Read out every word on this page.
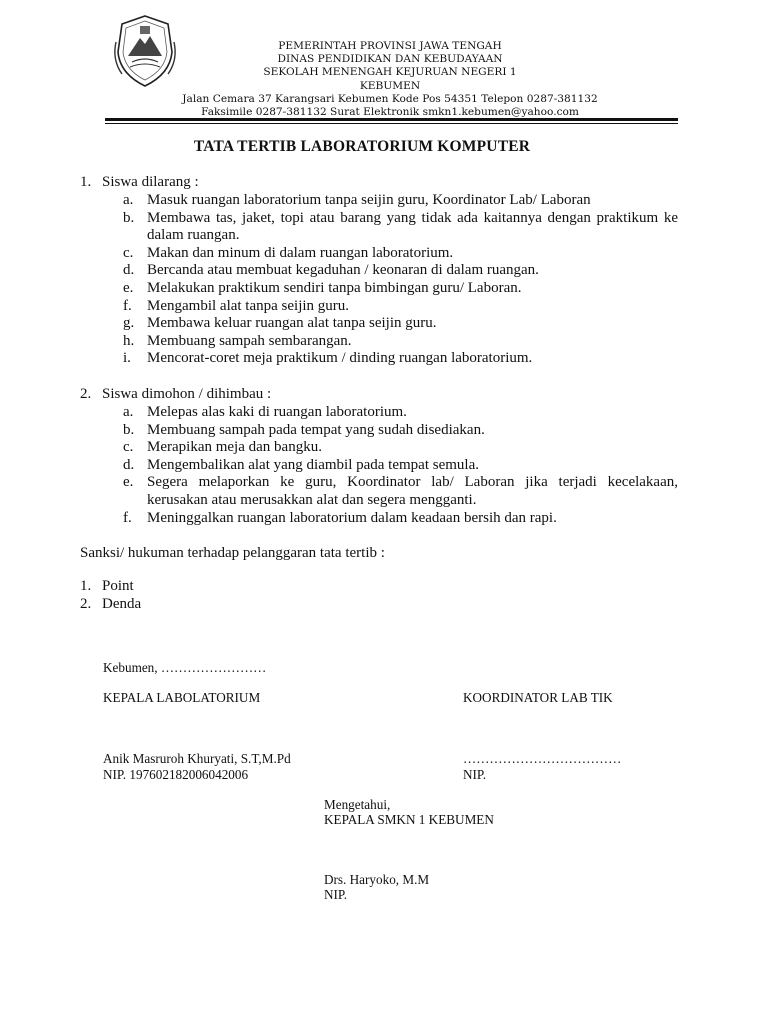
PEMERINTAH PROVINSI JAWA TENGAH
DINAS PENDIDIKAN DAN KEBUDAYAAN
SEKOLAH MENENGAH KEJURUAN NEGERI 1
KEBUMEN
Jalan Cemara 37 Karangsari Kebumen Kode Pos 54351 Telepon 0287-381132
Faksimile 0287-381132 Surat Elektronik smkn1.kebumen@yahoo.com
TATA TERTIB LABORATORIUM KOMPUTER
1. Siswa dilarang :
a. Masuk ruangan laboratorium tanpa seijin guru, Koordinator Lab/ Laboran
b. Membawa tas, jaket, topi atau barang yang tidak ada kaitannya dengan praktikum ke dalam ruangan.
c. Makan dan minum di dalam ruangan laboratorium.
d. Bercanda atau membuat kegaduhan / keonaran di dalam ruangan.
e. Melakukan praktikum sendiri tanpa bimbingan guru/ Laboran.
f. Mengambil alat tanpa seijin guru.
g. Membawa keluar ruangan alat tanpa seijin guru.
h. Membuang sampah sembarangan.
i. Mencorat-coret meja praktikum / dinding ruangan laboratorium.
2. Siswa dimohon / dihimbau :
a. Melepas alas kaki di ruangan laboratorium.
b. Membuang sampah pada tempat yang sudah disediakan.
c. Merapikan meja dan bangku.
d. Mengembalikan alat yang diambil pada tempat semula.
e. Segera melaporkan ke guru, Koordinator lab/ Laboran jika terjadi kecelakaan, kerusakan atau merusakkan alat dan segera mengganti.
f. Meninggalkan ruangan laboratorium dalam keadaan bersih dan rapi.
Sanksi/ hukuman terhadap pelanggaran tata tertib :
1. Point
2. Denda
Kebumen, ……………………
KEPALA LABOLATORIUM	KOORDINATOR LAB TIK
Anik Masruroh Khuryati, S.T,M.Pd
NIP. 197602182006042006
………………………………
NIP.
Mengetahui,
KEPALA SMKN 1 KEBUMEN
Drs. Haryoko, M.M
NIP.
